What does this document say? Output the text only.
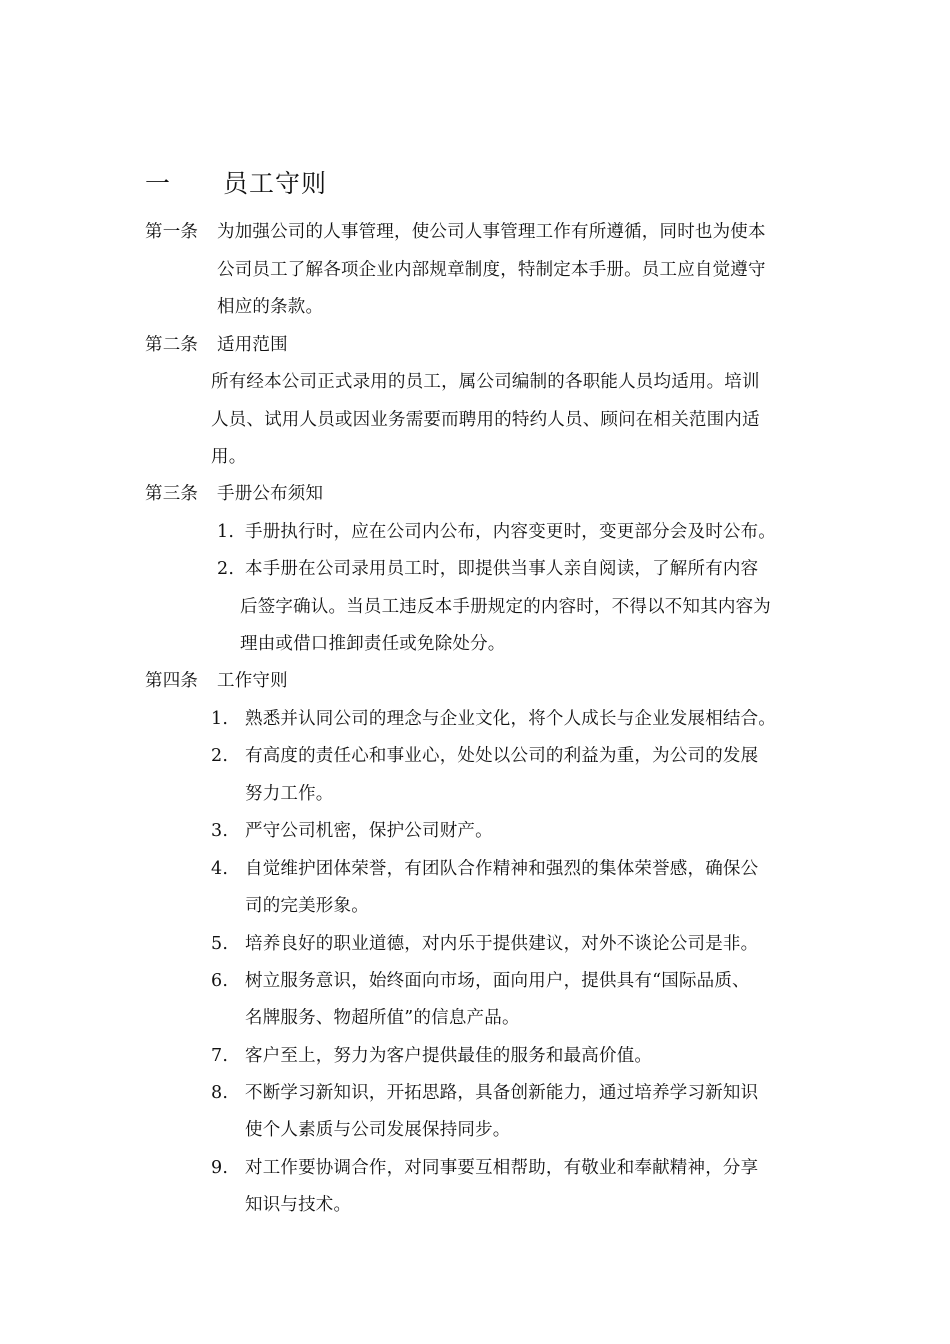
一 员工守则
第一条 为加强公司的人事管理，使公司人事管理工作有所遵循，同时也为使本
公司员工了解各项企业内部规章制度，特制定本手册。员工应自觉遵守
相应的条款。
第二条 适用范围
所有经本公司正式录用的员工，属公司编制的各职能人员均适用。培训
人员、试用人员或因业务需要而聘用的特约人员、顾问在相关范围内适
用。
第三条 手册公布须知
1. 手册执行时，应在公司内公布，内容变更时，变更部分会及时公布。
2. 本手册在公司录用员工时，即提供当事人亲自阅读，了解所有内容
后签字确认。当员工违反本手册规定的内容时，不得以不知其内容为
理由或借口推卸责任或免除处分。
第四条 工作守则
1. 熟悉并认同公司的理念与企业文化，将个人成长与企业发展相结合。
2. 有高度的责任心和事业心，处处以公司的利益为重，为公司的发展
努力工作。
3. 严守公司机密，保护公司财产。
4. 自觉维护团体荣誉，有团队合作精神和强烈的集体荣誉感，确保公
司的完美形象。
5. 培养良好的职业道德，对内乐于提供建议，对外不谈论公司是非。
6. 树立服务意识，始终面向市场，面向用户，提供具有“国际品质、
名牌服务、物超所值”的信息产品。
7. 客户至上，努力为客户提供最佳的服务和最高价值。
8. 不断学习新知识，开拓思路，具备创新能力，通过培养学习新知识
使个人素质与公司发展保持同步。
9. 对工作要协调合作，对同事要互相帮助，有敬业和奉献精神，分享
知识与技术。
